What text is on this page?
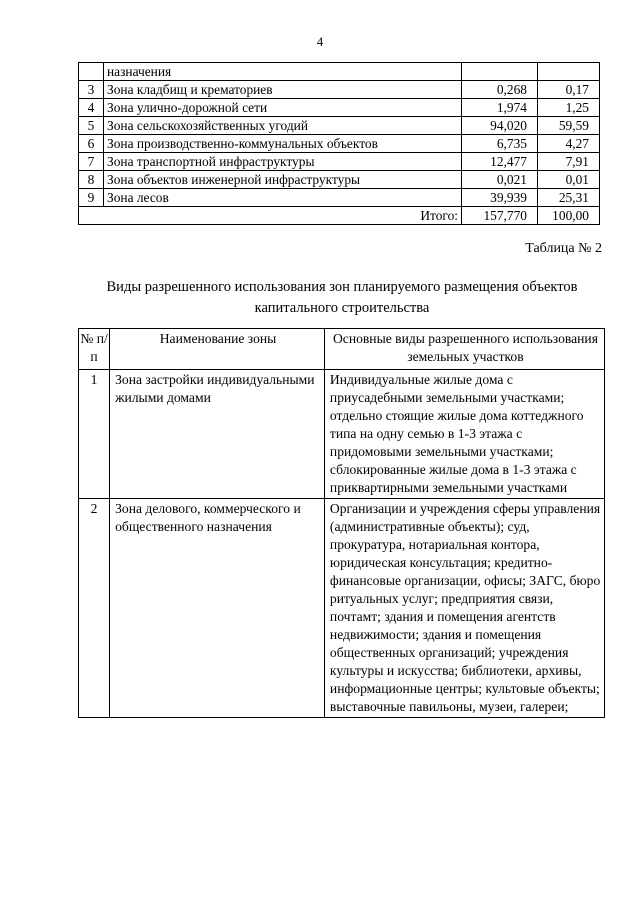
4
	назначения		
3	Зона кладбищ и крематориев	0,268	0,17
4	Зона улично-дорожной сети	1,974	1,25
5	Зона сельскохозяйственных угодий	94,020	59,59
6	Зона производственно-коммунальных объектов	6,735	4,27
7	Зона транспортной инфраструктуры	12,477	7,91
8	Зона объектов инженерной инфраструктуры	0,021	0,01
9	Зона лесов	39,939	25,31
Итого:		157,770	100,00
Таблица № 2
Виды разрешенного использования зон планируемого размещения объектов капитального строительства
№ п/п	Наименование зоны	Основные виды разрешенного использования земельных участков
1	Зона застройки индивидуальными жилыми домами	Индивидуальные жилые дома с приусадебными земельными участками; отдельно стоящие жилые дома коттеджного типа на одну семью в 1-3 этажа с придомовыми земельными участками; сблокированные жилые дома в 1-3 этажа с приквартирными земельными участками
2	Зона делового, коммерческого и общественного назначения	Организации и учреждения сферы управления (административные объекты); суд, прокуратура, нотариальная контора, юридическая консультация; кредитно-финансовые организации, офисы; ЗАГС, бюро ритуальных услуг; предприятия связи, почтамт; здания и помещения агентств недвижимости; здания и помещения общественных организаций; учреждения культуры и искусства; библиотеки, архивы, информационные центры; культовые объекты; выставочные павильоны, музеи, галереи;
